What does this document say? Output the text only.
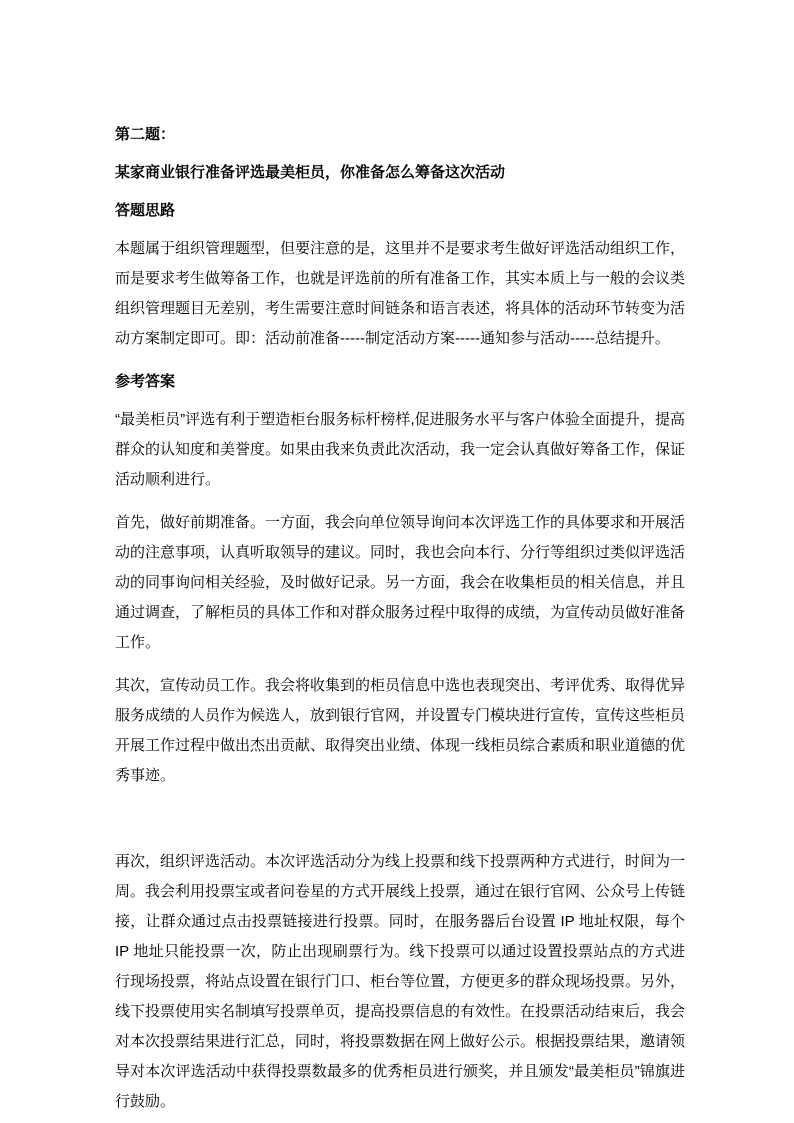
第二题：
某家商业银行准备评选最美柜员，你准备怎么筹备这次活动
答题思路
本题属于组织管理题型，但要注意的是，这里并不是要求考生做好评选活动组织工作，而是要求考生做筹备工作，也就是评选前的所有准备工作，其实本质上与一般的会议类组织管理题目无差别，考生需要注意时间链条和语言表述，将具体的活动环节转变为活动方案制定即可。即：活动前准备-----制定活动方案-----通知参与活动-----总结提升。
参考答案
“最美柜员”评选有利于塑造柜台服务标杆榜样,促进服务水平与客户体验全面提升，提高群众的认知度和美誉度。如果由我来负责此次活动，我一定会认真做好筹备工作，保证活动顺利进行。
首先，做好前期准备。一方面，我会向单位领导询问本次评选工作的具体要求和开展活动的注意事项，认真听取领导的建议。同时，我也会向本行、分行等组织过类似评选活动的同事询问相关经验，及时做好记录。另一方面，我会在收集柜员的相关信息，并且通过调查，了解柜员的具体工作和对群众服务过程中取得的成绩，为宣传动员做好准备工作。
其次，宣传动员工作。我会将收集到的柜员信息中选也表现突出、考评优秀、取得优异服务成绩的人员作为候选人，放到银行官网，并设置专门模块进行宣传，宣传这些柜员开展工作过程中做出杰出贡献、取得突出业绩、体现一线柜员综合素质和职业道德的优秀事迹。
再次，组织评选活动。本次评选活动分为线上投票和线下投票两种方式进行，时间为一周。我会利用投票宝或者问卷星的方式开展线上投票，通过在银行官网、公众号上传链接，让群众通过点击投票链接进行投票。同时，在服务器后台设置 IP 地址权限，每个 IP 地址只能投票一次，防止出现刷票行为。线下投票可以通过设置投票站点的方式进行现场投票，将站点设置在银行门口、柜台等位置，方便更多的群众现场投票。另外，线下投票使用实名制填写投票单页，提高投票信息的有效性。在投票活动结束后，我会对本次投票结果进行汇总，同时，将投票数据在网上做好公示。根据投票结果，邀请领导对本次评选活动中获得投票数最多的优秀柜员进行颁奖，并且颁发“最美柜员”锦旗进行鼓励。
